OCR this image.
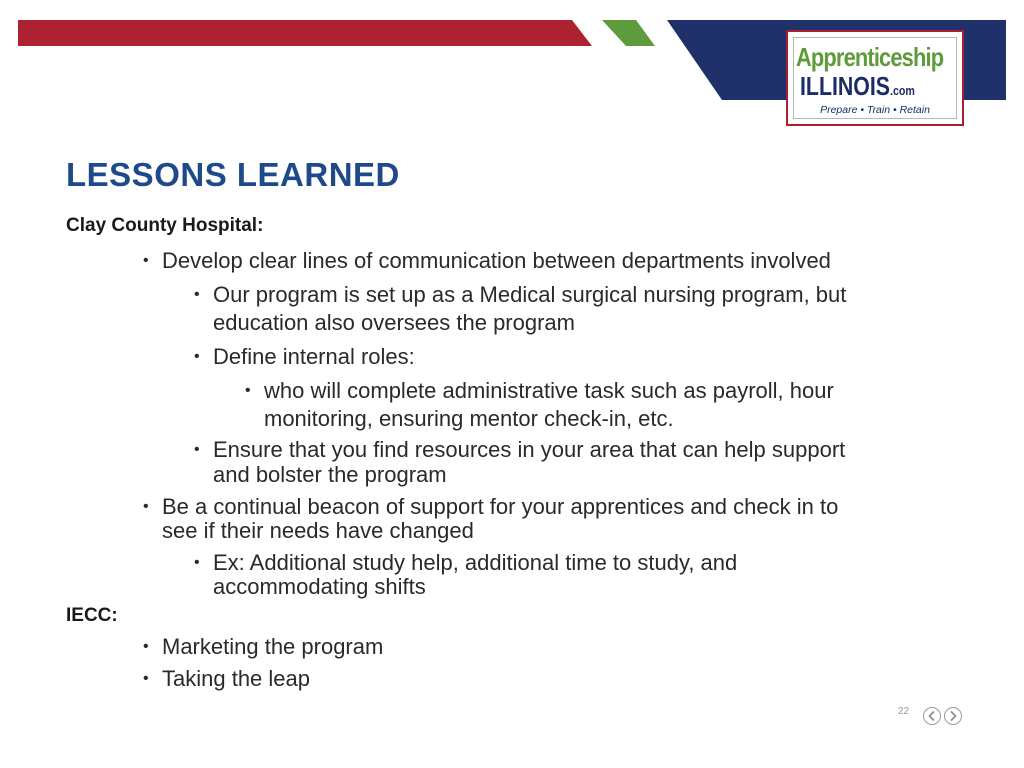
Apprenticeship
ILLINOIS.com
Prepare • Train • Retain
LESSONS LEARNED
Clay County Hospital:
• Develop clear lines of communication between departments involved
• Our program is set up as a Medical surgical nursing program, but
education also oversees the program
• Define internal roles:
• who will complete administrative task such as payroll, hour
monitoring, ensuring mentor check-in, etc.
• Ensure that you find resources in your area that can help support
and bolster the program
• Be a continual beacon of support for your apprentices and check in to
see if their needs have changed
• Ex: Additional study help, additional time to study, and
accommodating shifts
IECC:
• Marketing the program
• Taking the leap
22
